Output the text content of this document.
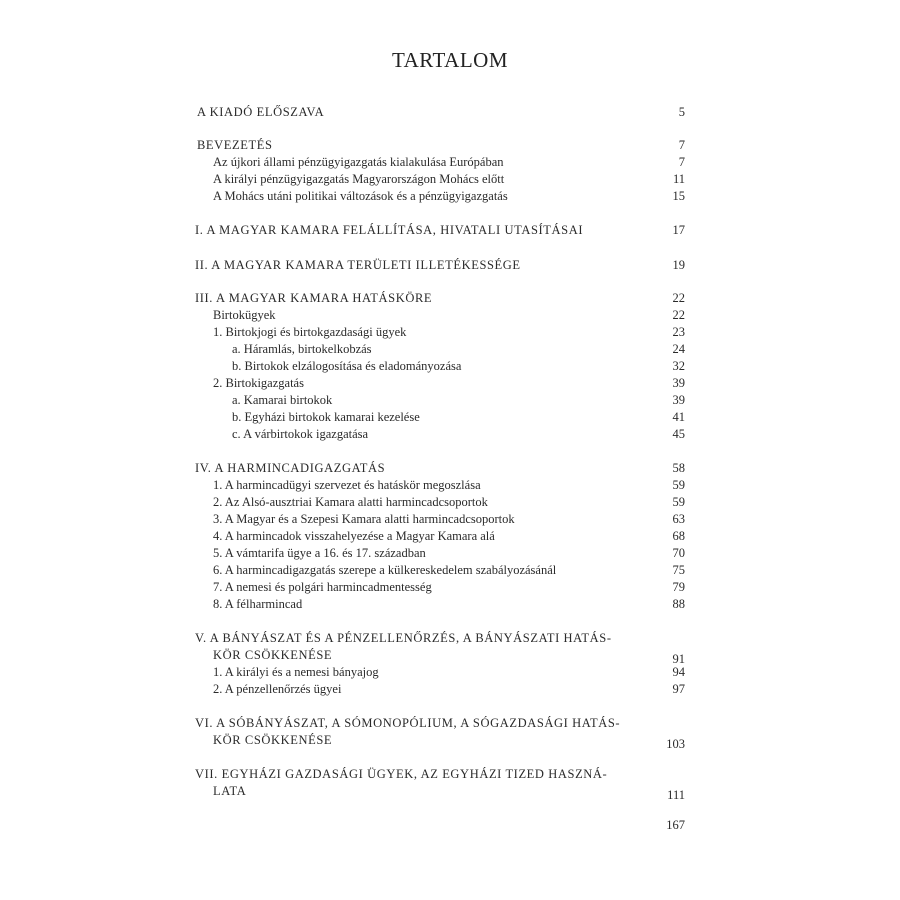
TARTALOM
A KIADÓ ELŐSZAVA	5
BEVEZETÉS	7
Az újkori állami pénzügyigazgatás kialakulása Európában	7
A királyi pénzügyigazgatás Magyarországon Mohács előtt	11
A Mohács utáni politikai változások és a pénzügyigazgatás	15
I. A MAGYAR KAMARA FELÁLLÍTÁSA, HIVATALI UTASÍTÁSAI	17
II. A MAGYAR KAMARA TERÜLETI ILLETÉKESSÉGE	19
III. A MAGYAR KAMARA HATÁSKÖRE	22
Birtokügyek	22
1. Birtokjogi és birtokgazdasági ügyek	23
a. Háramlás, birtokelkobzás	24
b. Birtokok elzálogosítása és eladományozása	32
2. Birtokigazgatás	39
a. Kamarai birtokok	39
b. Egyházi birtokok kamarai kezelése	41
c. A várbirtokok igazgatása	45
IV. A HARMINCADIGAZGATÁS	58
1. A harmincadügyi szervezet és hatáskör megoszlása	59
2. Az Alsó-ausztriai Kamara alatti harmincadcsoportok	59
3. A Magyar és a Szepesi Kamara alatti harmincadcsoportok	63
4. A harmincadok visszahelyezése a Magyar Kamara alá	68
5. A vámtarifa ügye a 16. és 17. században	70
6. A harmincadigazgatás szerepe a külkereskedelem szabályozásánál	75
7. A nemesi és polgári harmincadmentesség	79
8. A félharmincad	88
V. A BÁNYÁSZAT ÉS A PÉNZELLENŐRZÉS, A BÁNYÁSZATI HATÁS-
KÖR CSÖKKENÉSE	91
1. A királyi és a nemesi bányajog	94
2. A pénzellenőrzés ügyei	97
VI. A SÓBÁNYÁSZAT, A SÓMONOPÓLIUM, A SÓGAZDASÁGI HATÁS-
KÖR CSÖKKENÉSE	103
VII. EGYHÁZI GAZDASÁGI ÜGYEK, AZ EGYHÁZI TIZED HASZNÁ-
LATA	111
167
